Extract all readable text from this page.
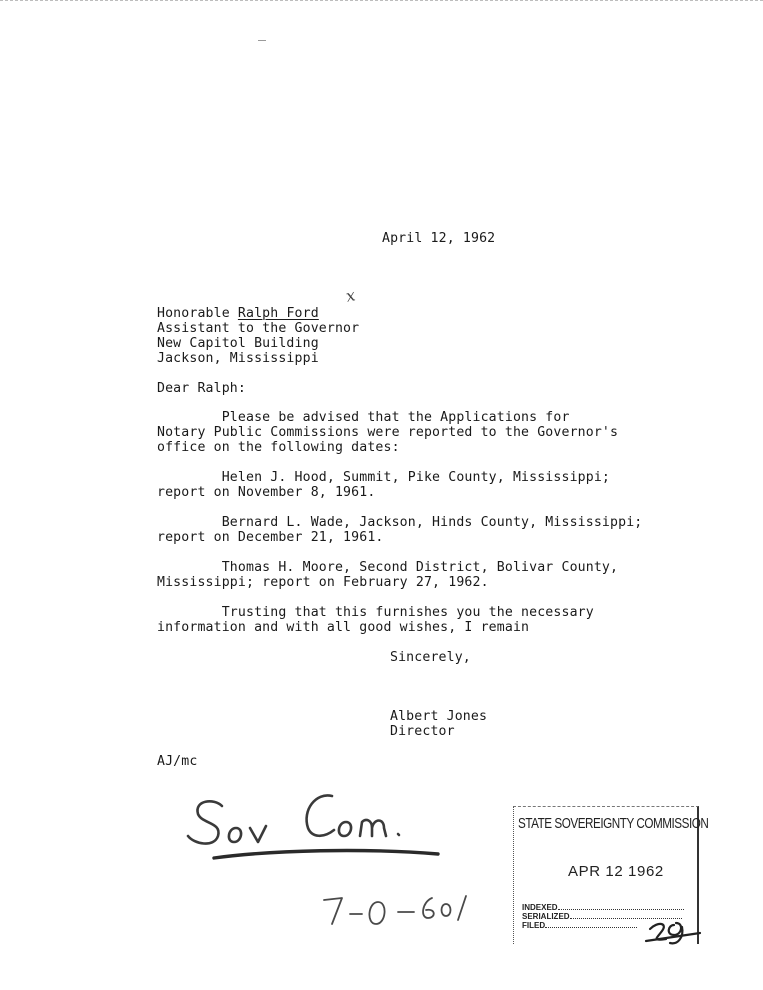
April 12, 1962
Honorable Ralph Ford
x
Assistant to the Governor
New Capitol Building
Jackson, Mississippi
Dear Ralph:
Please be advised that the Applications for
Notary Public Commissions were reported to the Governor's
office on the following dates:
Helen J. Hood, Summit, Pike County, Mississippi;
report on November 8, 1961.
Bernard L. Wade, Jackson, Hinds County, Mississippi;
report on December 21, 1961.
Thomas H. Moore, Second District, Bolivar County,
Mississippi; report on February 27, 1962.
Trusting that this furnishes you the necessary
information and with all good wishes, I remain
Sincerely,
Albert Jones
Director
AJ/mc
STATE SOVEREIGNTY COMMISSION
APR 12 1962
INDEXED
SERIALIZED
FILED
